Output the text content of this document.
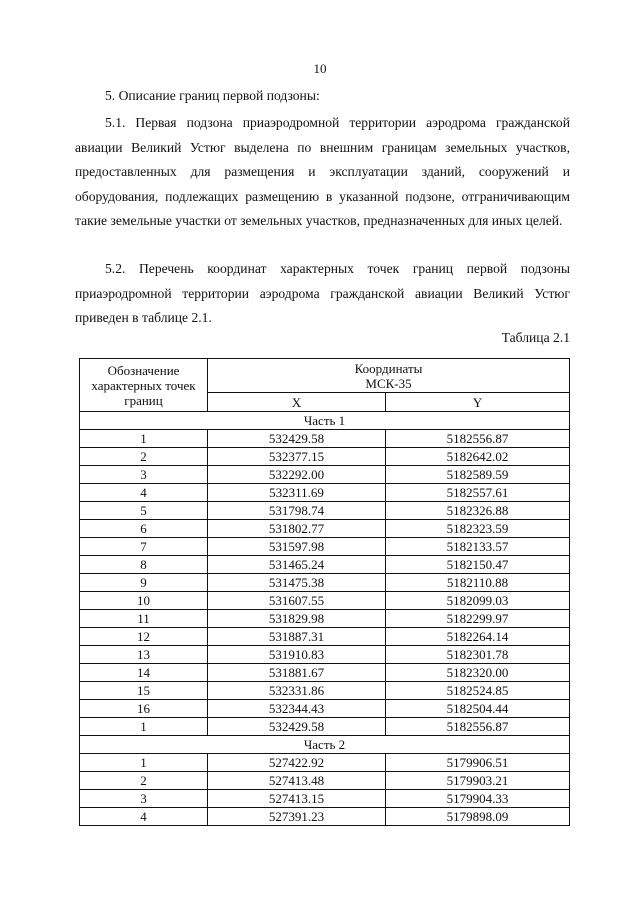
10

5. Описание границ первой подзоны:

5.1. Первая подзона приаэродромной территории аэродрома гражданской авиации Великий Устюг выделена по внешним границам земельных участков, предоставленных для размещения и эксплуатации зданий, сооружений и оборудования, подлежащих размещению в указанной подзоне, отграничивающим такие земельные участки от земельных участков, предназначенных для иных целей.

5.2. Перечень координат характерных точек границ первой подзоны приаэродромной территории аэродрома гражданской авиации Великий Устюг приведен в таблице 2.1.

Таблица 2.1
Обозначение характерных точек границ	Координаты
МСК-35	

	X	Y
Часть 1		
1	532429.58	5182556.87
2	532377.15	5182642.02
3	532292.00	5182589.59
4	532311.69	5182557.61
5	531798.74	5182326.88
6	531802.77	5182323.59
7	531597.98	5182133.57
8	531465.24	5182150.47
9	531475.38	5182110.88
10	531607.55	5182099.03
11	531829.98	5182299.97
12	531887.31	5182264.14
13	531910.83	5182301.78
14	531881.67	5182320.00
15	532331.86	5182524.85
16	532344.43	5182504.44
1	532429.58	5182556.87
Часть 2		
1	527422.92	5179906.51
2	527413.48	5179903.21
3	527413.15	5179904.33
4	527391.23	5179898.09
